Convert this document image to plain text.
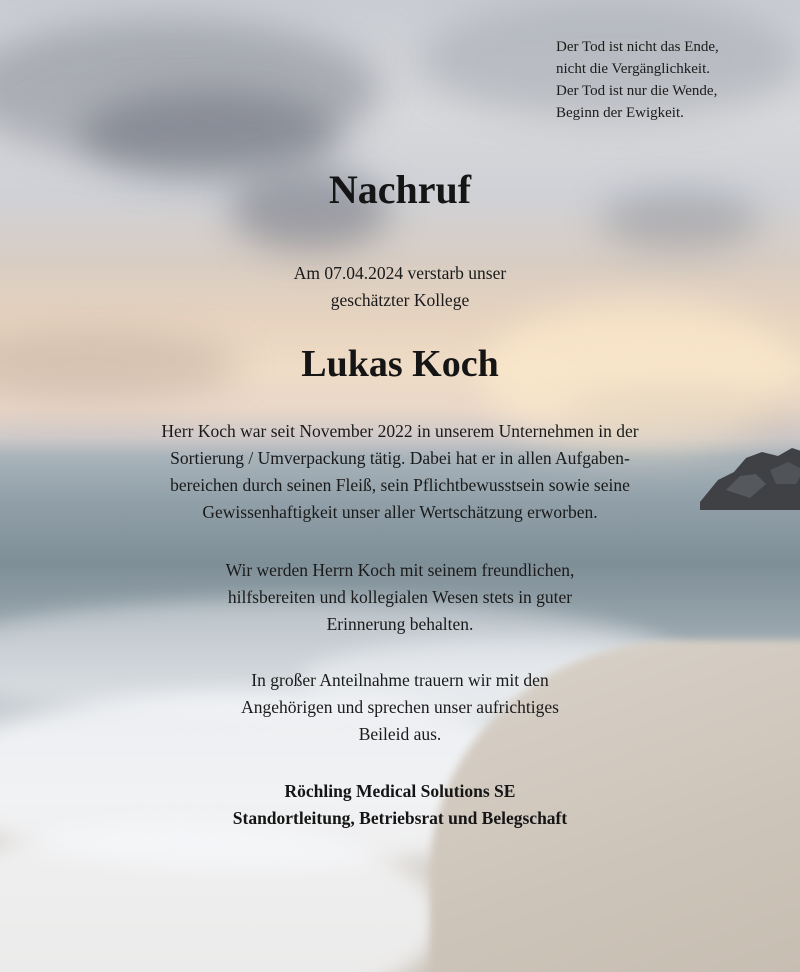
Der Tod ist nicht das Ende,
nicht die Vergänglichkeit.
Der Tod ist nur die Wende,
Beginn der Ewigkeit.
Nachruf
Am 07.04.2024 verstarb unser
geschätzter Kollege
Lukas Koch
Herr Koch war seit November 2022 in unserem Unternehmen in der
Sortierung / Umverpackung tätig. Dabei hat er in allen Aufgaben-
bereichen durch seinen Fleiß, sein Pflichtbewusstsein sowie seine
Gewissenhaftigkeit unser aller Wertschätzung erworben.
Wir werden Herrn Koch mit seinem freundlichen,
hilfsbereiten und kollegialen Wesen stets in guter
Erinnerung behalten.
In großer Anteilnahme trauern wir mit den
Angehörigen und sprechen unser aufrichtiges
Beileid aus.
Röchling Medical Solutions SE
Standortleitung, Betriebsrat und Belegschaft
